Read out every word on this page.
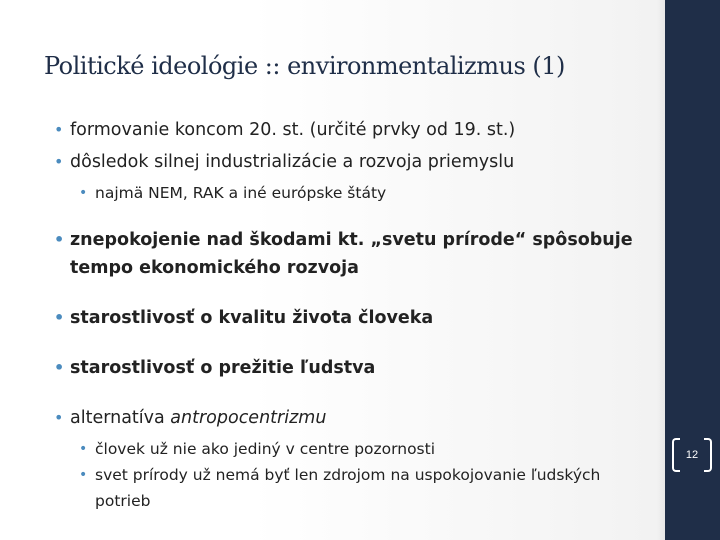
Politické ideológie :: environmentalizmus (1)
• formovanie koncom 20. st. (určité prvky od 19. st.)
• dôsledok silnej industrializácie a rozvoja priemyslu
• najmä NEM, RAK a iné európske štáty
• znepokojenie nad škodami kt. „svetu prírode“ spôsobuje tempo ekonomického rozvoja
• starostlivosť o kvalitu života človeka
• starostlivosť o prežitie ľudstva
• alternatíva antropocentrizmu
• človek už nie ako jediný v centre pozornosti
• svet prírody už nemá byť len zdrojom na uspokojovanie ľudských potrieb
12
